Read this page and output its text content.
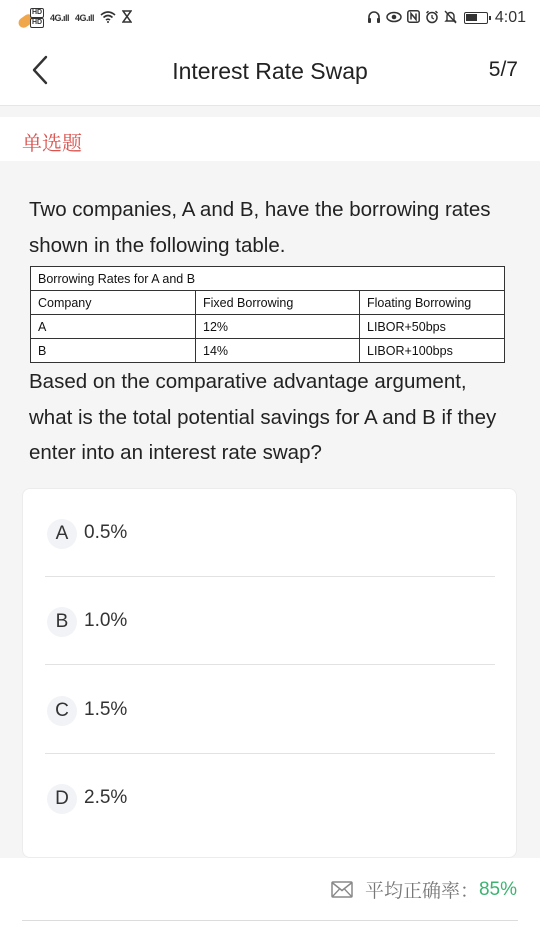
HD
HD 4G.ıll 4G.ıll	4:01
Interest Rate Swap	5/7
单选题
Two companies, A and B, have the borrowing rates shown in the following table.
Borrowing Rates for A and B		
Company	Fixed Borrowing	Floating Borrowing
A	12%	LIBOR+50bps
B	14%	LIBOR+100bps
Based on the comparative advantage argument, what is the total potential savings for A and B if they enter into an interest rate swap?
A 0.5%
B 1.0%
C 1.5%
D 2.5%
平均正确率： 85%
